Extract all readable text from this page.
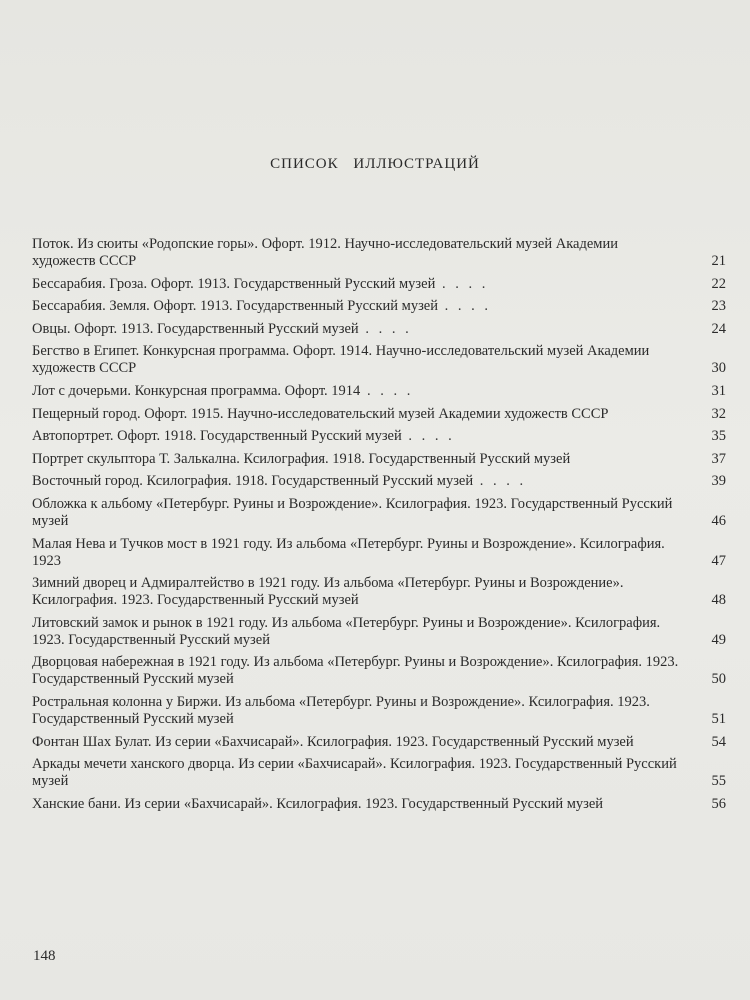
СПИСОК ИЛЛЮСТРАЦИЙ
Поток. Из сюиты «Родопские горы». Офорт. 1912. Научно-исследовательский музей Академии художеств СССР	21
Бессарабия. Гроза. Офорт. 1913. Государственный Русский музей . .	22
Бессарабия. Земля. Офорт. 1913. Государственный Русский музей . .	23
Овцы. Офорт. 1913. Государственный Русский музей . .	24
Бегство в Египет. Конкурсная программа. Офорт. 1914. Научно-исследовательский музей Академии художеств СССР	30
Лот с дочерьми. Конкурсная программа. Офорт. 1914 . .	31
Пещерный город. Офорт. 1915. Научно-исследовательский музей Академии художеств СССР	32
Автопортрет. Офорт. 1918. Государственный Русский музей . .	35
Портрет скульптора Т. Залькална. Ксилография. 1918. Государственный Русский музей	37
Восточный город. Ксилография. 1918. Государственный Русский музей . .	39
Обложка к альбому «Петербург. Руины и Возрождение». Ксилография. 1923. Государственный Русский музей	46
Малая Нева и Тучков мост в 1921 году. Из альбома «Петербург. Руины и Возрождение». Ксилография. 1923	47
Зимний дворец и Адмиралтейство в 1921 году. Из альбома «Петербург. Руины и Возрождение». Ксилография. 1923. Государственный Русский музей	48
Литовский замок и рынок в 1921 году. Из альбома «Петербург. Руины и Возрождение». Ксилография. 1923. Государственный Русский музей	49
Дворцовая набережная в 1921 году. Из альбома «Петербург. Руины и Возрождение». Ксилография. 1923. Государственный Русский музей	50
Ростральная колонна у Биржи. Из альбома «Петербург. Руины и Возрождение». Ксилография. 1923. Государственный Русский музей	51
Фонтан Шах Булат. Из серии «Бахчисарай». Ксилография. 1923. Государственный Русский музей	54
Аркады мечети ханского дворца. Из серии «Бахчисарай». Ксилография. 1923. Государственный Русский музей	55
Ханские бани. Из серии «Бахчисарай». Ксилография. 1923. Государственный Русский музей	56
148
